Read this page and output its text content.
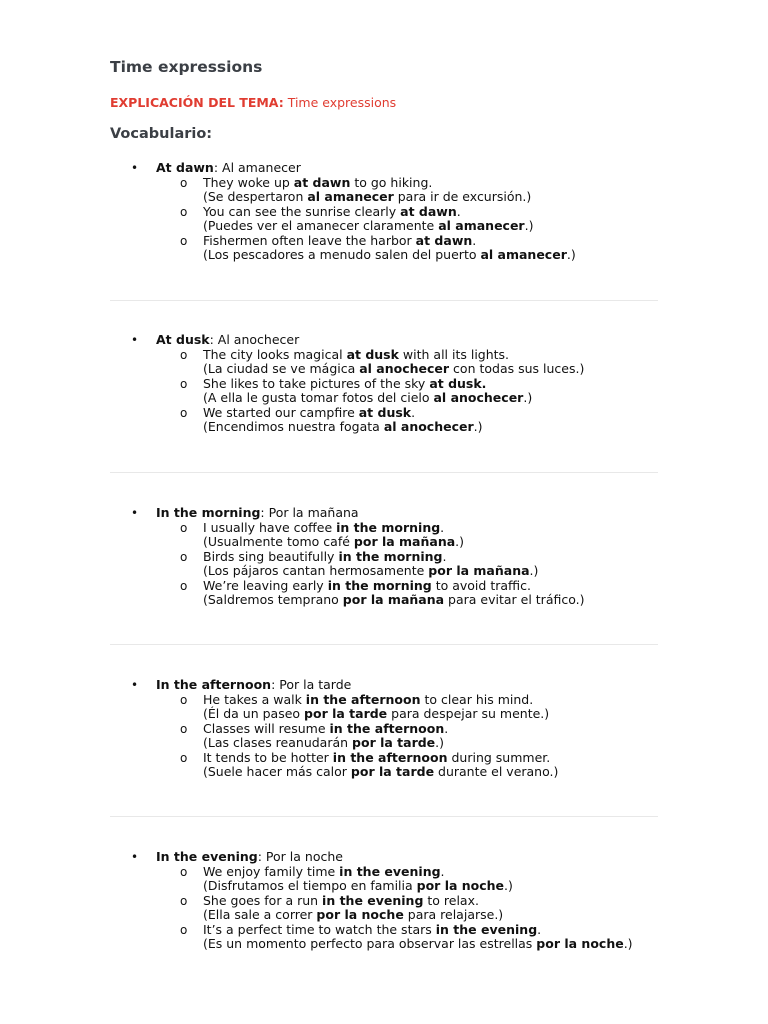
Time expressions

EXPLICACIÓN DEL TEMA: Time expressions

Vocabulario:
• At dawn: Al amanecer
o They woke up at dawn to go hiking.
(Se despertaron al amanecer para ir de excursión.)
o You can see the sunrise clearly at dawn.
(Puedes ver el amanecer claramente al amanecer.)
o Fishermen often leave the harbor at dawn.
(Los pescadores a menudo salen del puerto al amanecer.)
• At dusk: Al anochecer
o The city looks magical at dusk with all its lights.
(La ciudad se ve mágica al anochecer con todas sus luces.)
o She likes to take pictures of the sky at dusk.
(A ella le gusta tomar fotos del cielo al anochecer.)
o We started our campfire at dusk.
(Encendimos nuestra fogata al anochecer.)
• In the morning: Por la mañana
o I usually have coffee in the morning.
(Usualmente tomo café por la mañana.)
o Birds sing beautifully in the morning.
(Los pájaros cantan hermosamente por la mañana.)
o We’re leaving early in the morning to avoid traffic.
(Saldremos temprano por la mañana para evitar el tráfico.)
• In the afternoon: Por la tarde
o He takes a walk in the afternoon to clear his mind.
(Él da un paseo por la tarde para despejar su mente.)
o Classes will resume in the afternoon.
(Las clases reanudarán por la tarde.)
o It tends to be hotter in the afternoon during summer.
(Suele hacer más calor por la tarde durante el verano.)
• In the evening: Por la noche
o We enjoy family time in the evening.
(Disfrutamos el tiempo en familia por la noche.)
o She goes for a run in the evening to relax.
(Ella sale a correr por la noche para relajarse.)
o It’s a perfect time to watch the stars in the evening.
(Es un momento perfecto para observar las estrellas por la noche.)
